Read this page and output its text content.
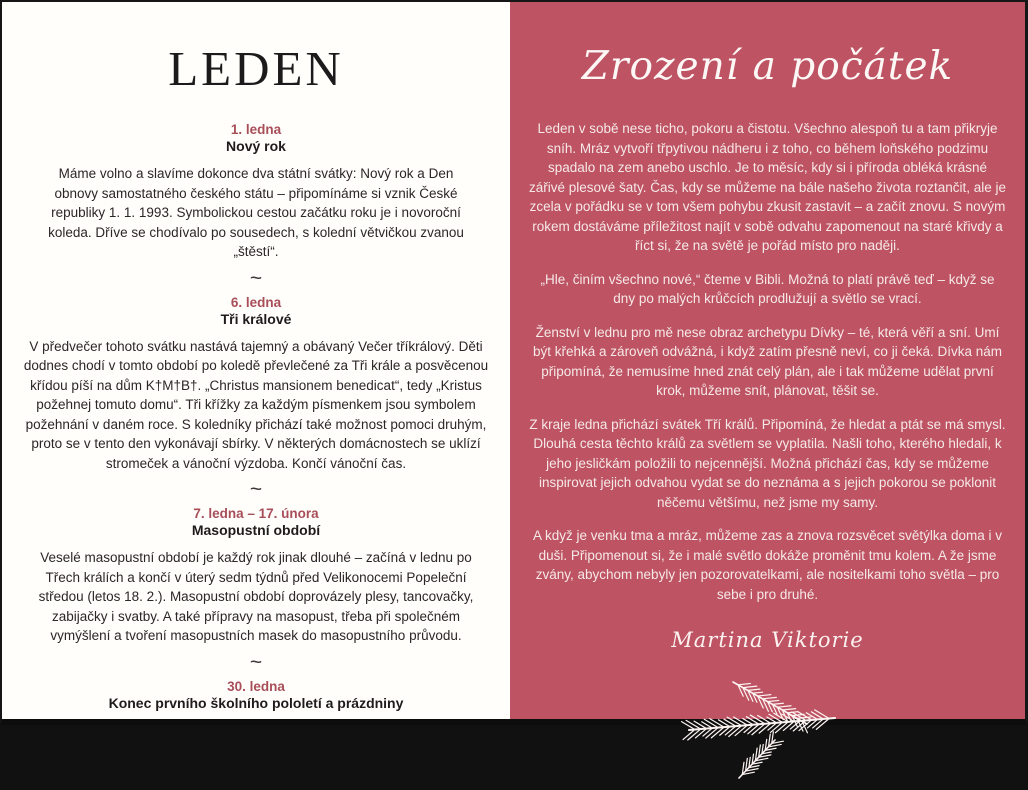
LEDEN
1. ledna
Nový rok

Máme volno a slavíme dokonce dva státní svátky: Nový rok a Den obnovy samostatného českého státu – připomínáme si vznik České republiky 1. 1. 1993. Symbolickou cestou začátku roku je i novoroční koleda. Dříve se chodívalo po sousedech, s kolední větvičkou zvanou „štěstí“.

~
6. ledna
Tři králové

V předvečer tohoto svátku nastává tajemný a obávaný Večer tříkrálový. Děti dodnes chodí v tomto období po koledě převlečené za Tři krále a posvěcenou křídou píší na dům K†M†B†. „Christus mansionem benedicat“, tedy „Kristus požehnej tomuto domu“. Tři křížky za každým písmenkem jsou symbolem požehnání v daném roce. S koledníky přichází také možnost pomoci druhým, proto se v tento den vykonávají sbírky. V některých domácnostech se uklízí stromeček a vánoční výzdoba. Končí vánoční čas.

~
7. ledna – 17. února
Masopustní období

Veselé masopustní období je každý rok jinak dlouhé – začíná v lednu po Třech králích a končí v úterý sedm týdnů před Velikonocemi Popeleční středou (letos 18. 2.). Masopustní období doprovázely plesy, tancovačky, zabijačky i svatby. A také přípravy na masopust, třeba při společném vymýšlení a tvoření masopustních masek do masopustního průvodu.

~
30. ledna
Konec prvního školního pololetí a prázdniny
Zrození a počátek

Leden v sobě nese ticho, pokoru a čistotu. Všechno alespoň tu a tam přikryje sníh. Mráz vytvoří třpytivou nádheru i z toho, co během loňského podzimu spadalo na zem anebo uschlo. Je to měsíc, kdy si i příroda obléká krásné zářivé plesové šaty. Čas, kdy se můžeme na bále našeho života roztančit, ale je zcela v pořádku se v tom všem pohybu zkusit zastavit – a začít znovu. S novým rokem dostáváme příležitost najít v sobě odvahu zapomenout na staré křivdy a říct si, že na světě je pořád místo pro naději.

„Hle, činím všechno nové,“ čteme v Bibli. Možná to platí právě teď – když se dny po malých krůčcích prodlužují a světlo se vrací.

Ženství v lednu pro mě nese obraz archetypu Dívky – té, která věří a sní. Umí být křehká a zároveň odvážná, i když zatím přesně neví, co ji čeká. Dívka nám připomíná, že nemusíme hned znát celý plán, ale i tak můžeme udělat první krok, můžeme snít, plánovat, těšit se.

Z kraje ledna přichází svátek Tří králů. Připomíná, že hledat a ptát se má smysl. Dlouhá cesta těchto králů za světlem se vyplatila. Našli toho, kterého hledali, k jeho jesličkám položili to nejcennější. Možná přichází čas, kdy se můžeme inspirovat jejich odvahou vydat se do neznáma a s jejich pokorou se poklonit něčemu většímu, než jsme my samy.

A když je venku tma a mráz, můžeme zas a znova rozsvěcet světýlka doma i v duši. Připomenout si, že i malé světlo dokáže proměnit tmu kolem. A že jsme zvány, abychom nebyly jen pozorovatelkami, ale nositelkami toho světla – pro sebe i pro druhé.

Martina Viktorie
